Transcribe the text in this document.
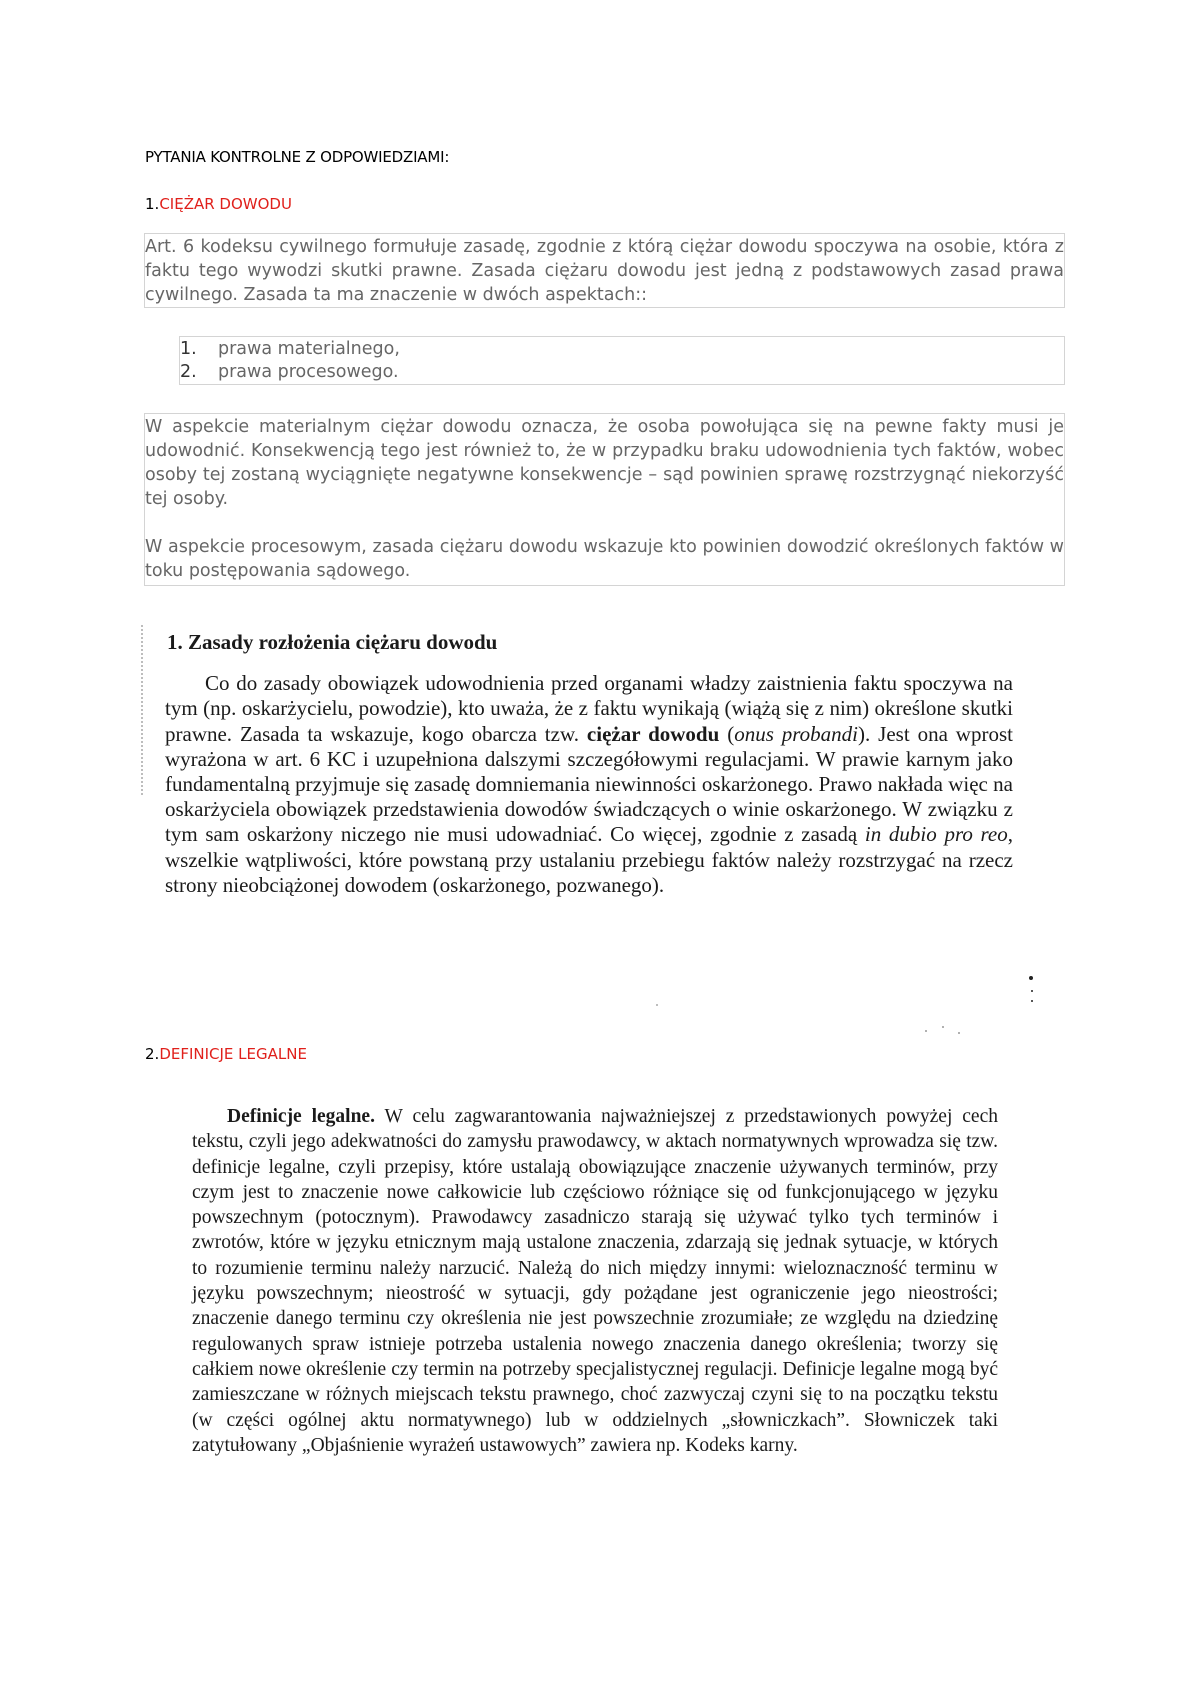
PYTANIA KONTROLNE Z ODPOWIEDZIAMI:
1.CIĘŻAR DOWODU

Art. 6 kodeksu cywilnego formułuje zasadę, zgodnie z którą ciężar dowodu spoczywa na osobie, która z faktu tego wywodzi skutki prawne. Zasada ciężaru dowodu jest jedną z podstawowych zasad prawa cywilnego. Zasada ta ma znaczenie w dwóch aspektach::

1.	prawa materialnego,
2.	prawa procesowego.

W aspekcie materialnym ciężar dowodu oznacza, że osoba powołująca się na pewne fakty musi je udowodnić. Konsekwencją tego jest również to, że w przypadku braku udowodnienia tych faktów, wobec osoby tej zostaną wyciągnięte negatywne konsekwencje – sąd powinien sprawę rozstrzygnąć niekorzyść tej osoby.

W aspekcie procesowym, zasada ciężaru dowodu wskazuje kto powinien dowodzić określonych faktów w toku postępowania sądowego.

1. Zasady rozłożenia ciężaru dowodu

Co do zasady obowiązek udowodnienia przed organami władzy zaistnienia faktu spoczywa na tym (np. oskarżycielu, powodzie), kto uważa, że z faktu wynikają (wiążą się z nim) określone skutki prawne. Zasada ta wskazuje, kogo obarcza tzw. ciężar dowodu (onus probandi). Jest ona wprost wyrażona w art. 6 KC i uzupełniona dalszymi szczegółowymi regulacjami. W prawie karnym jako fundamentalną przyjmuje się zasadę domniemania niewinności oskarżonego. Prawo nakłada więc na oskarżyciela obowiązek przedstawienia dowodów świadczących o winie oskarżonego. W związku z tym sam oskarżony niczego nie musi udowadniać. Co więcej, zgodnie z zasadą in dubio pro reo, wszelkie wątpliwości, które powstaną przy ustalaniu przebiegu faktów należy rozstrzygać na rzecz strony nieobciążonej dowodem (oskarżonego, pozwanego).

2.DEFINICJE LEGALNE

Definicje legalne. W celu zagwarantowania najważniejszej z przedstawionych powyżej cech tekstu, czyli jego adekwatności do zamysłu prawodawcy, w aktach normatywnych wprowadza się tzw. definicje legalne, czyli przepisy, które ustalają obowiązujące znaczenie używanych terminów, przy czym jest to znaczenie nowe całkowicie lub częściowo różniące się od funkcjonującego w języku powszechnym (potocznym). Prawodawcy zasadniczo starają się używać tylko tych terminów i zwrotów, które w języku etnicznym mają ustalone znaczenia, zdarzają się jednak sytuacje, w których to rozumienie terminu należy narzucić. Należą do nich między innymi: wieloznaczność terminu w języku powszechnym; nieostrość w sytuacji, gdy pożądane jest ograniczenie jego nieostrości; znaczenie danego terminu czy określenia nie jest powszechnie zrozumiałe; ze względu na dziedzinę regulowanych spraw istnieje potrzeba ustalenia nowego znaczenia danego określenia; tworzy się całkiem nowe określenie czy termin na potrzeby specjalistycznej regulacji. Definicje legalne mogą być zamieszczane w różnych miejscach tekstu prawnego, choć zazwyczaj czyni się to na początku tekstu (w części ogólnej aktu normatywnego) lub w oddzielnych „słowniczkach”. Słowniczek taki zatytułowany „Objaśnienie wyrażeń ustawowych” zawiera np. Kodeks karny.
